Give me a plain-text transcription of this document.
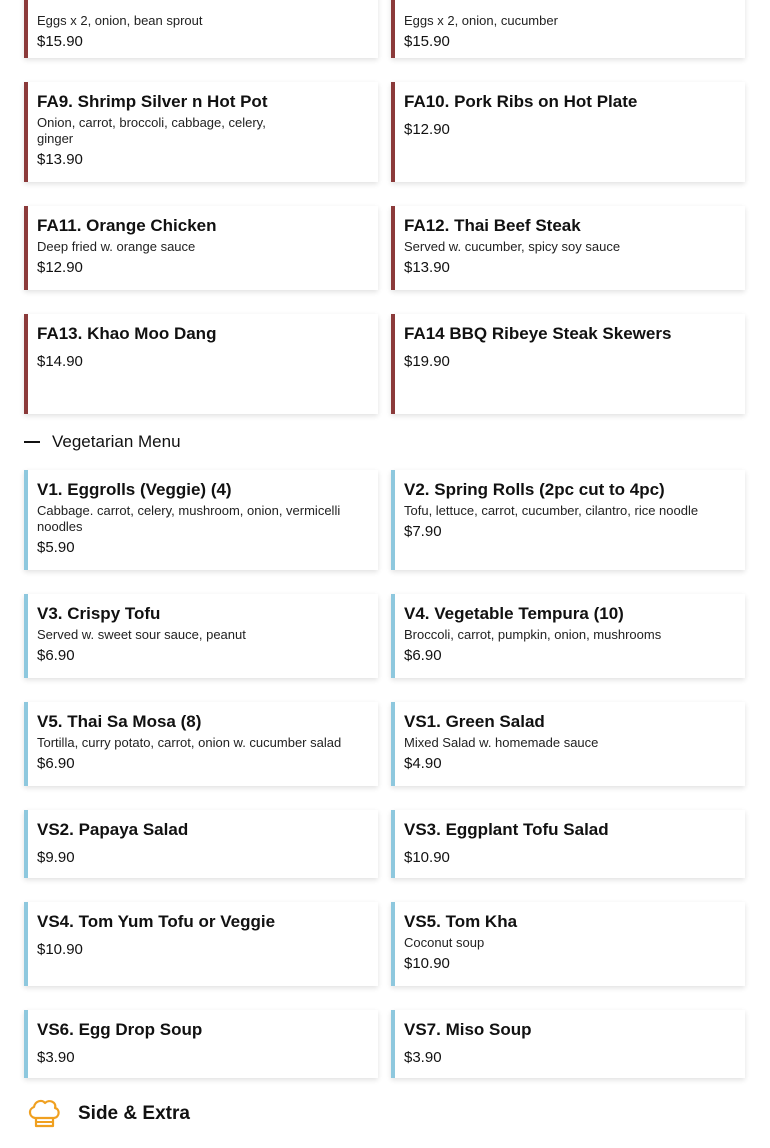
Eggs x 2, onion, bean sprout
$15.90
Eggs x 2, onion, cucumber
$15.90
FA9. Shrimp Silver n Hot Pot
Onion, carrot, broccoli, cabbage, celery, ginger
$13.90
FA10. Pork Ribs on Hot Plate
$12.90
FA11. Orange Chicken
Deep fried w. orange sauce
$12.90
FA12. Thai Beef Steak
Served w. cucumber, spicy soy sauce
$13.90
FA13. Khao Moo Dang
$14.90
FA14 BBQ Ribeye Steak Skewers
$19.90
Vegetarian Menu
V1. Eggrolls (Veggie) (4)
Cabbage. carrot, celery, mushroom, onion, vermicelli noodles
$5.90
V2. Spring Rolls (2pc cut to 4pc)
Tofu, lettuce, carrot, cucumber, cilantro, rice noodle
$7.90
V3. Crispy Tofu
Served w. sweet sour sauce, peanut
$6.90
V4. Vegetable Tempura (10)
Broccoli, carrot, pumpkin, onion, mushrooms
$6.90
V5. Thai Sa Mosa (8)
Tortilla, curry potato, carrot, onion w. cucumber salad
$6.90
VS1. Green Salad
Mixed Salad w. homemade sauce
$4.90
VS2. Papaya Salad
$9.90
VS3. Eggplant Tofu Salad
$10.90
VS4. Tom Yum Tofu or Veggie
$10.90
VS5. Tom Kha
Coconut soup
$10.90
VS6. Egg Drop Soup
$3.90
VS7. Miso Soup
$3.90
Side & Extra
